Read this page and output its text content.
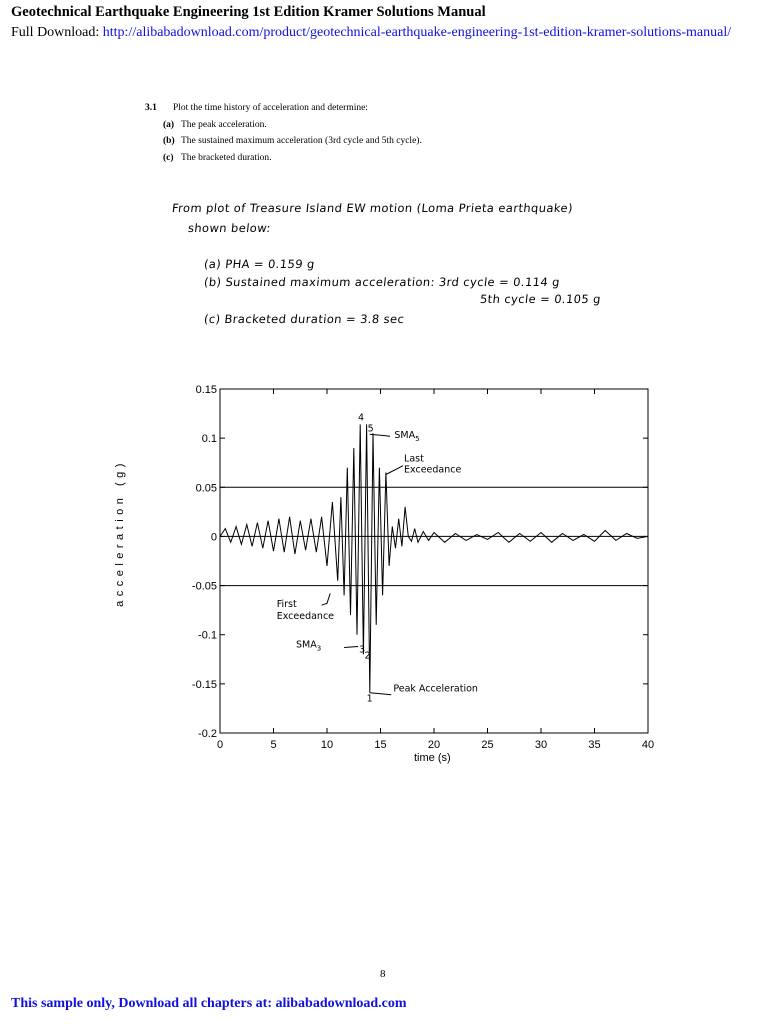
Geotechnical Earthquake Engineering 1st Edition Kramer Solutions Manual
Full Download: http://alibabadownload.com/product/geotechnical-earthquake-engineering-1st-edition-kramer-solutions-manual/
3.1 Plot the time history of acceleration and determine:
(a) The peak acceleration.
(b) The sustained maximum acceleration (3rd cycle and 5th cycle).
(c) The bracketed duration.
From plot of Treasure Island EW motion (Loma Prieta earthquake)
shown below:
(a) PHA = 0.159 g
(b) Sustained maximum acceleration: 3rd cycle = 0.114 g
5th cycle = 0.105 g
(c) Bracketed duration = 3.8 sec
0	5	10	15	20	25	30	35	40
0.15
0.1
0.05
0
-0.05
-0.1
-0.15
-0.2
4
5
$SMA_5$
Last
Exceedance
First
Exceedance
$SMA_3$	3
2
1
Peak Acceleration
acceleration (g)
time (s)
8
This sample only, Download all chapters at: alibabadownload.com
